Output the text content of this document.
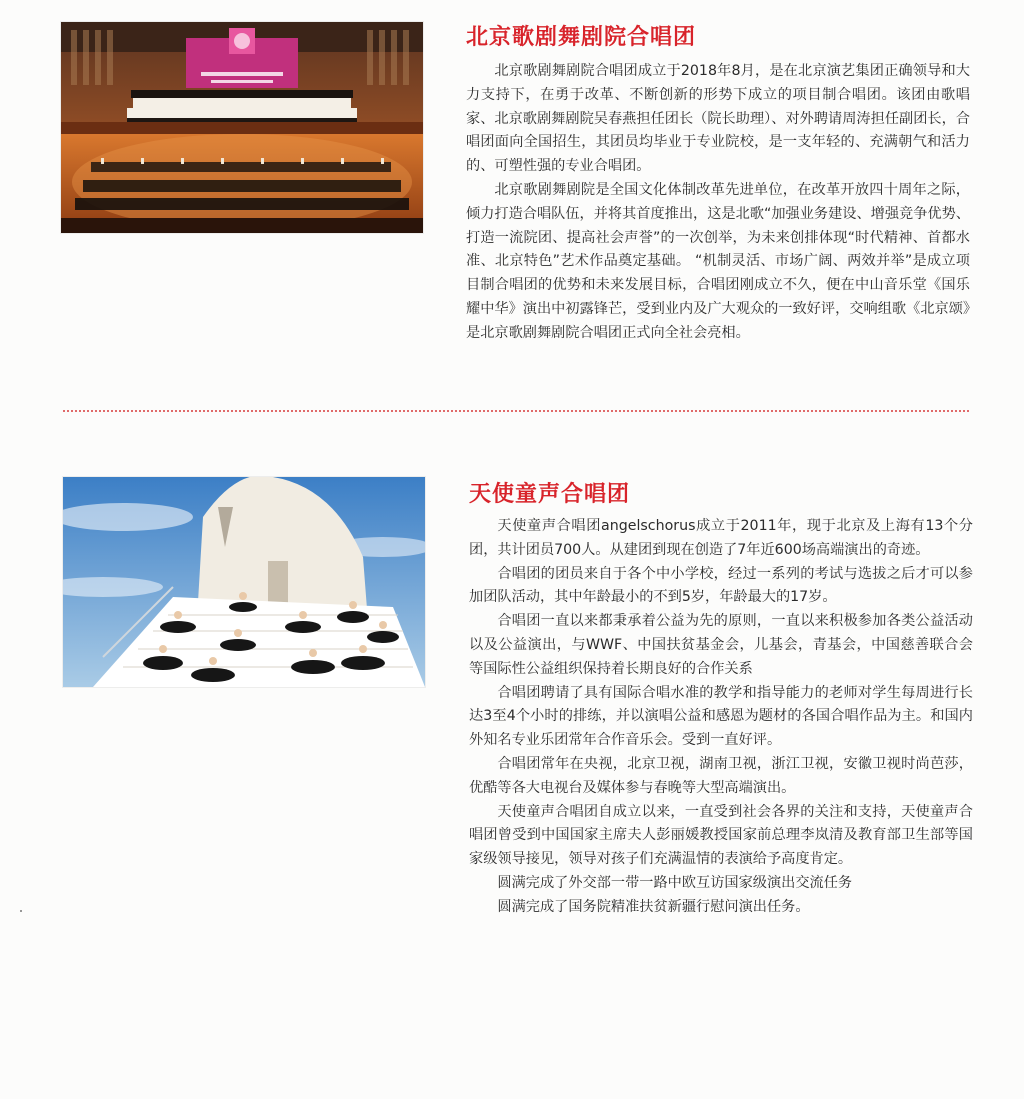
北京歌剧舞剧院合唱团

北京歌剧舞剧院合唱团成立于2018年8月，是在北京演艺集团正确领导和大力支持下，在勇于改革、不断创新的形势下成立的项目制合唱团。该团由歌唱家、北京歌剧舞剧院吴春燕担任团长（院长助理）、对外聘请周涛担任副团长，合唱团面向全国招生，其团员均毕业于专业院校，是一支年轻的、充满朝气和活力的、可塑性强的专业合唱团。

北京歌剧舞剧院是全国文化体制改革先进单位，在改革开放四十周年之际，倾力打造合唱队伍，并将其首度推出，这是北歌“加强业务建设、增强竞争优势、打造一流院团、提高社会声誉”的一次创举，为未来创排体现“时代精神、首都水准、北京特色”艺术作品奠定基础。 “机制灵活、市场广阔、两效并举”是成立项目制合唱团的优势和未来发展目标，合唱团刚成立不久，便在中山音乐堂《国乐耀中华》演出中初露锋芒，受到业内及广大观众的一致好评，交响组歌《北京颂》是北京歌剧舞剧院合唱团正式向全社会亮相。

天使童声合唱团

天使童声合唱团angelschorus成立于2011年，现于北京及上海有13个分团，共计团员700人。从建团到现在创造了7年近600场高端演出的奇迹。

合唱团的团员来自于各个中小学校，经过一系列的考试与选拔之后才可以参加团队活动，其中年龄最小的不到5岁，年龄最大的17岁。

合唱团一直以来都秉承着公益为先的原则，一直以来积极参加各类公益活动以及公益演出，与WWF、中国扶贫基金会，儿基会，青基会，中国慈善联合会等国际性公益组织保持着长期良好的合作关系

合唱团聘请了具有国际合唱水准的教学和指导能力的老师对学生每周进行长达3至4个小时的排练，并以演唱公益和感恩为题材的各国合唱作品为主。和国内外知名专业乐团常年合作音乐会。受到一直好评。

合唱团常年在央视，北京卫视，湖南卫视，浙江卫视，安徽卫视时尚芭莎，优酷等各大电视台及媒体参与春晚等大型高端演出。

天使童声合唱团自成立以来，一直受到社会各界的关注和支持，天使童声合唱团曾受到中国国家主席夫人彭丽媛教授国家前总理李岚清及教育部卫生部等国家级领导接见，领导对孩子们充满温情的表演给予高度肯定。

圆满完成了外交部一带一路中欧互访国家级演出交流任务

圆满完成了国务院精准扶贫新疆行慰问演出任务。
